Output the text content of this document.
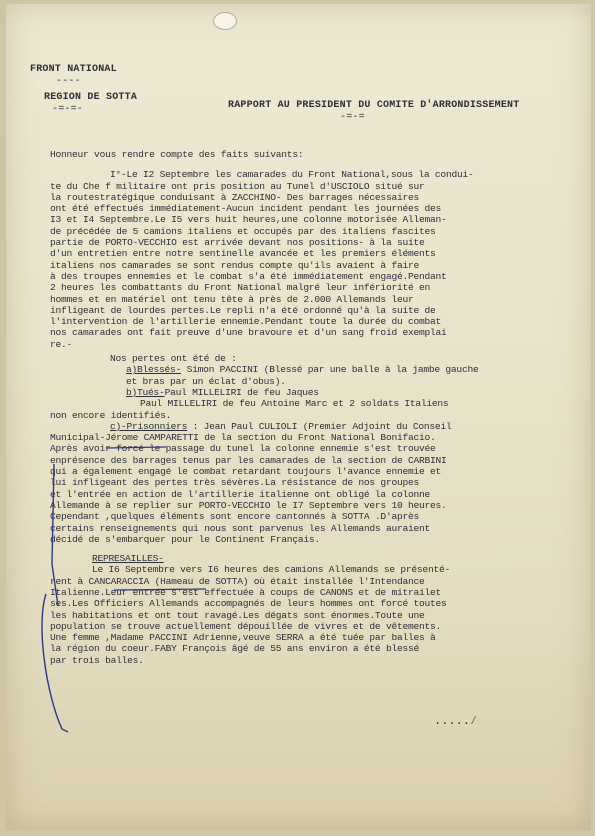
FRONT NATIONAL
----
REGION DE SOTTA
-=-=-	RAPPORT AU PRESIDENT DU COMITE D'ARRONDISSEMENT
-=-=
Honneur vous rendre compte des faits suivants:
I°-Le I2 Septembre les camarades du Front National,sous la condui-
te du Che f militaire ont pris position au Tunel d'USCIOLO situé sur
la routestratégique conduisant à ZACCHINO- Des barrages nécessaires
ont été effectués immédiatement-Aucun incident pendant les journées des
I3 et I4 Septembre.Le I5 vers huit heures,une colonne motorisée Alleman-
de précédée de 5 camions italiens et occupés par des italiens fascites
partie de PORTO-VECCHIO est arrivée devant nos positions- à la suite
d'un entretien entre notre sentinelle avancée et les premiers éléments
italiens nos camarades se sont rendus compte qu'ils avaient à faire
à des troupes ennemies et le combat s'a été immédiatement engagé.Pendant
2 heures les combattants du Front National malgré leur infériorité en
hommes et en matériel ont tenu tête à près de 2.000 Allemands leur
infligeant de lourdes pertes.Le repli n'a été ordonné qu'à la suite de
l'intervention de l'artillerie ennemie.Pendant toute la durée du combat
nos camarades ont fait preuve d'une bravoure et d'un sang froid exemplai
re.-
Nos pertes ont été de :
a)Blessés- Simon PACCINI (Blessé par une balle à la jambe gauche
et bras par un éclat d'obus).
b)Tués-Paul MILLELIRI de feu Jaques
Paul MILLELIRI de feu Antoine Marc et 2 soldats Italiens
non encore identifiés.
c)-Prisonniers : Jean Paul CULIOLI (Premier Adjoint du Conseil
Municipal-Jérome CAMPARETTI de la section du Front National Bonifacio.
Après avoir forcé le passage du tunel la colonne ennemie s'est trouvée
enprésence des barrages tenus par les camarades de la section de CARBINI
qui a également engagé le combat retardant toujours l'avance ennemie et
lui infligeant des pertes très sévères.La résistance de nos groupes
et l'entrée en action de l'artillerie italienne ont obligé la colonne
Allemande à se replier sur PORTO-VECCHIO le I7 Septembre vers 10 heures.
Cependant ,quelques éléments sont encore cantonnés à SOTTA .D'après
certains renseignements qui nous sont parvenus les Allemands auraient
décidé de s'embarquer pour le Continent Français.
REPRESAILLES-
Le I6 Septembre vers I6 heures des camions Allemands se présenté-
rent à CANCARACCIA (Hameau de SOTTA) où était installée l'Intendance
Italienne.Leur entrée s'est effectuée à coups de CANONS et de mitrailet
ses.Les Officiers Allemands accompagnés de leurs hommes ont forcé toutes
les habitations et ont tout ravagé.Les dégats sont énormes.Toute une
population se trouve actuellement dépouillée de vivres et de vêtements.
Une femme ,Madame PACCINI Adrienne,veuve SERRA a été tuée par balles à
la région du coeur.FABY François âgé de 55 ans environ a été blessé
par trois balles.
.....∕
